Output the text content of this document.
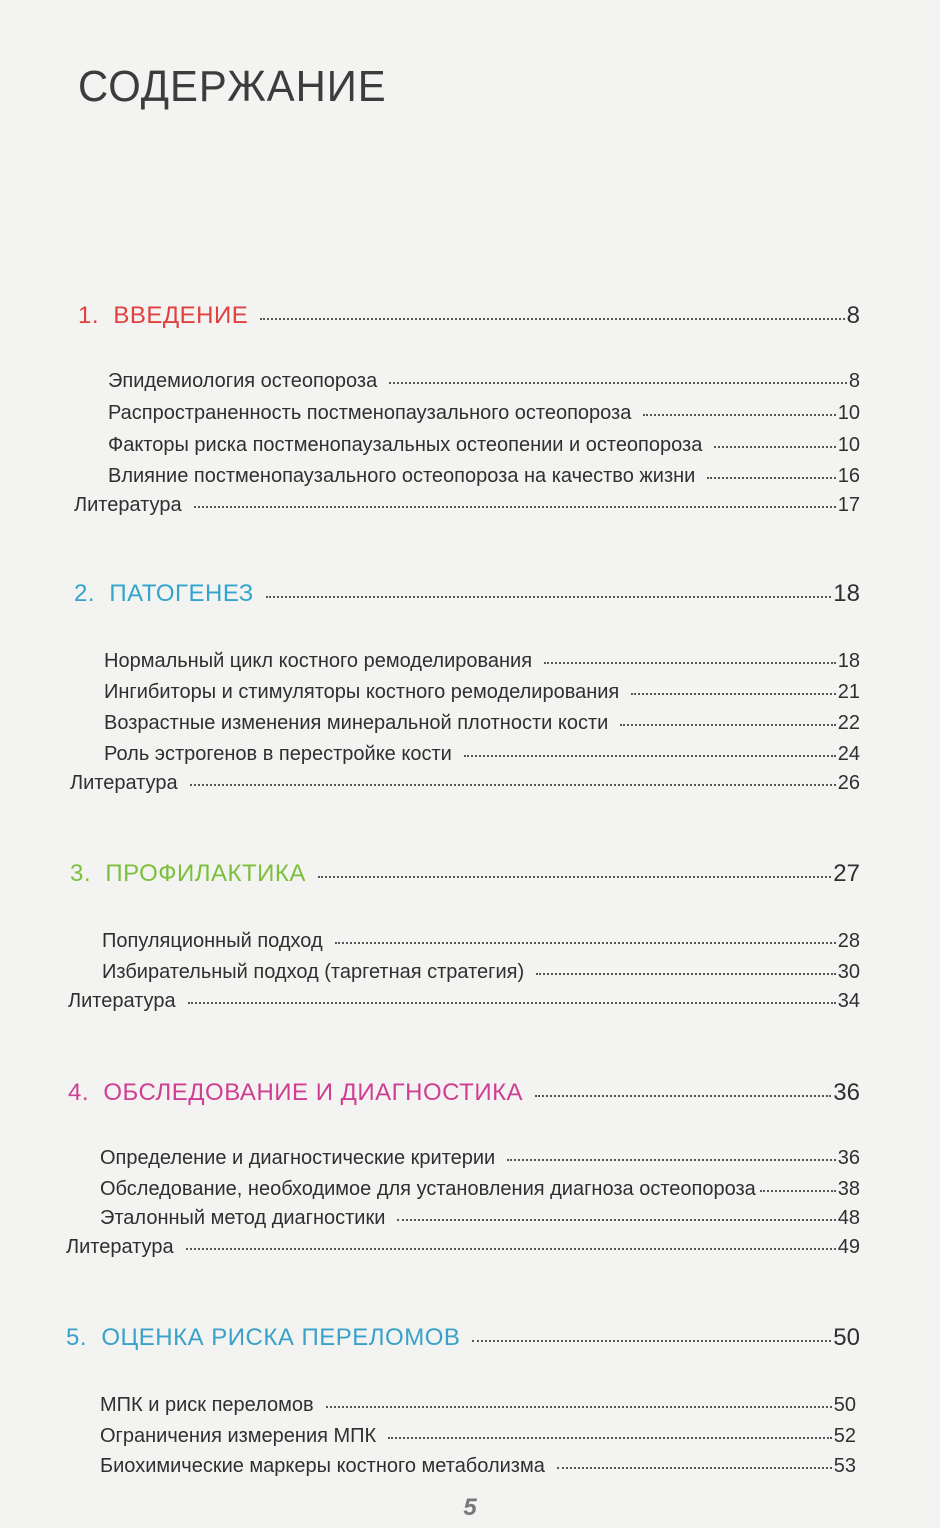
СОДЕРЖАНИЕ
1. ВВЕДЕНИЕ	8
Эпидемиология остеопороза	8
Распространенность постменопаузального остеопороза	10
Факторы риска постменопаузальных остеопении и остеопороза	10
Влияние постменопаузального остеопороза на качество жизни	16
Литература	17
2. ПАТОГЕНЕЗ	18
Нормальный цикл костного ремоделирования	18
Ингибиторы и стимуляторы костного ремоделирования	21
Возрастные изменения минеральной плотности кости	22
Роль эстрогенов в перестройке кости	24
Литература	26
3. ПРОФИЛАКТИКА	27
Популяционный подход	28
Избирательный подход (таргетная стратегия)	30
Литература	34
4. ОБСЛЕДОВАНИЕ И ДИАГНОСТИКА	36
Определение и диагностические критерии	36
Обследование, необходимое для установления диагноза остеопороза	38
Эталонный метод диагностики	48
Литература	49
5. ОЦЕНКА РИСКА ПЕРЕЛОМОВ	50
МПК и риск переломов	50
Ограничения измерения МПК	52
Биохимические маркеры костного метаболизма	53
5
